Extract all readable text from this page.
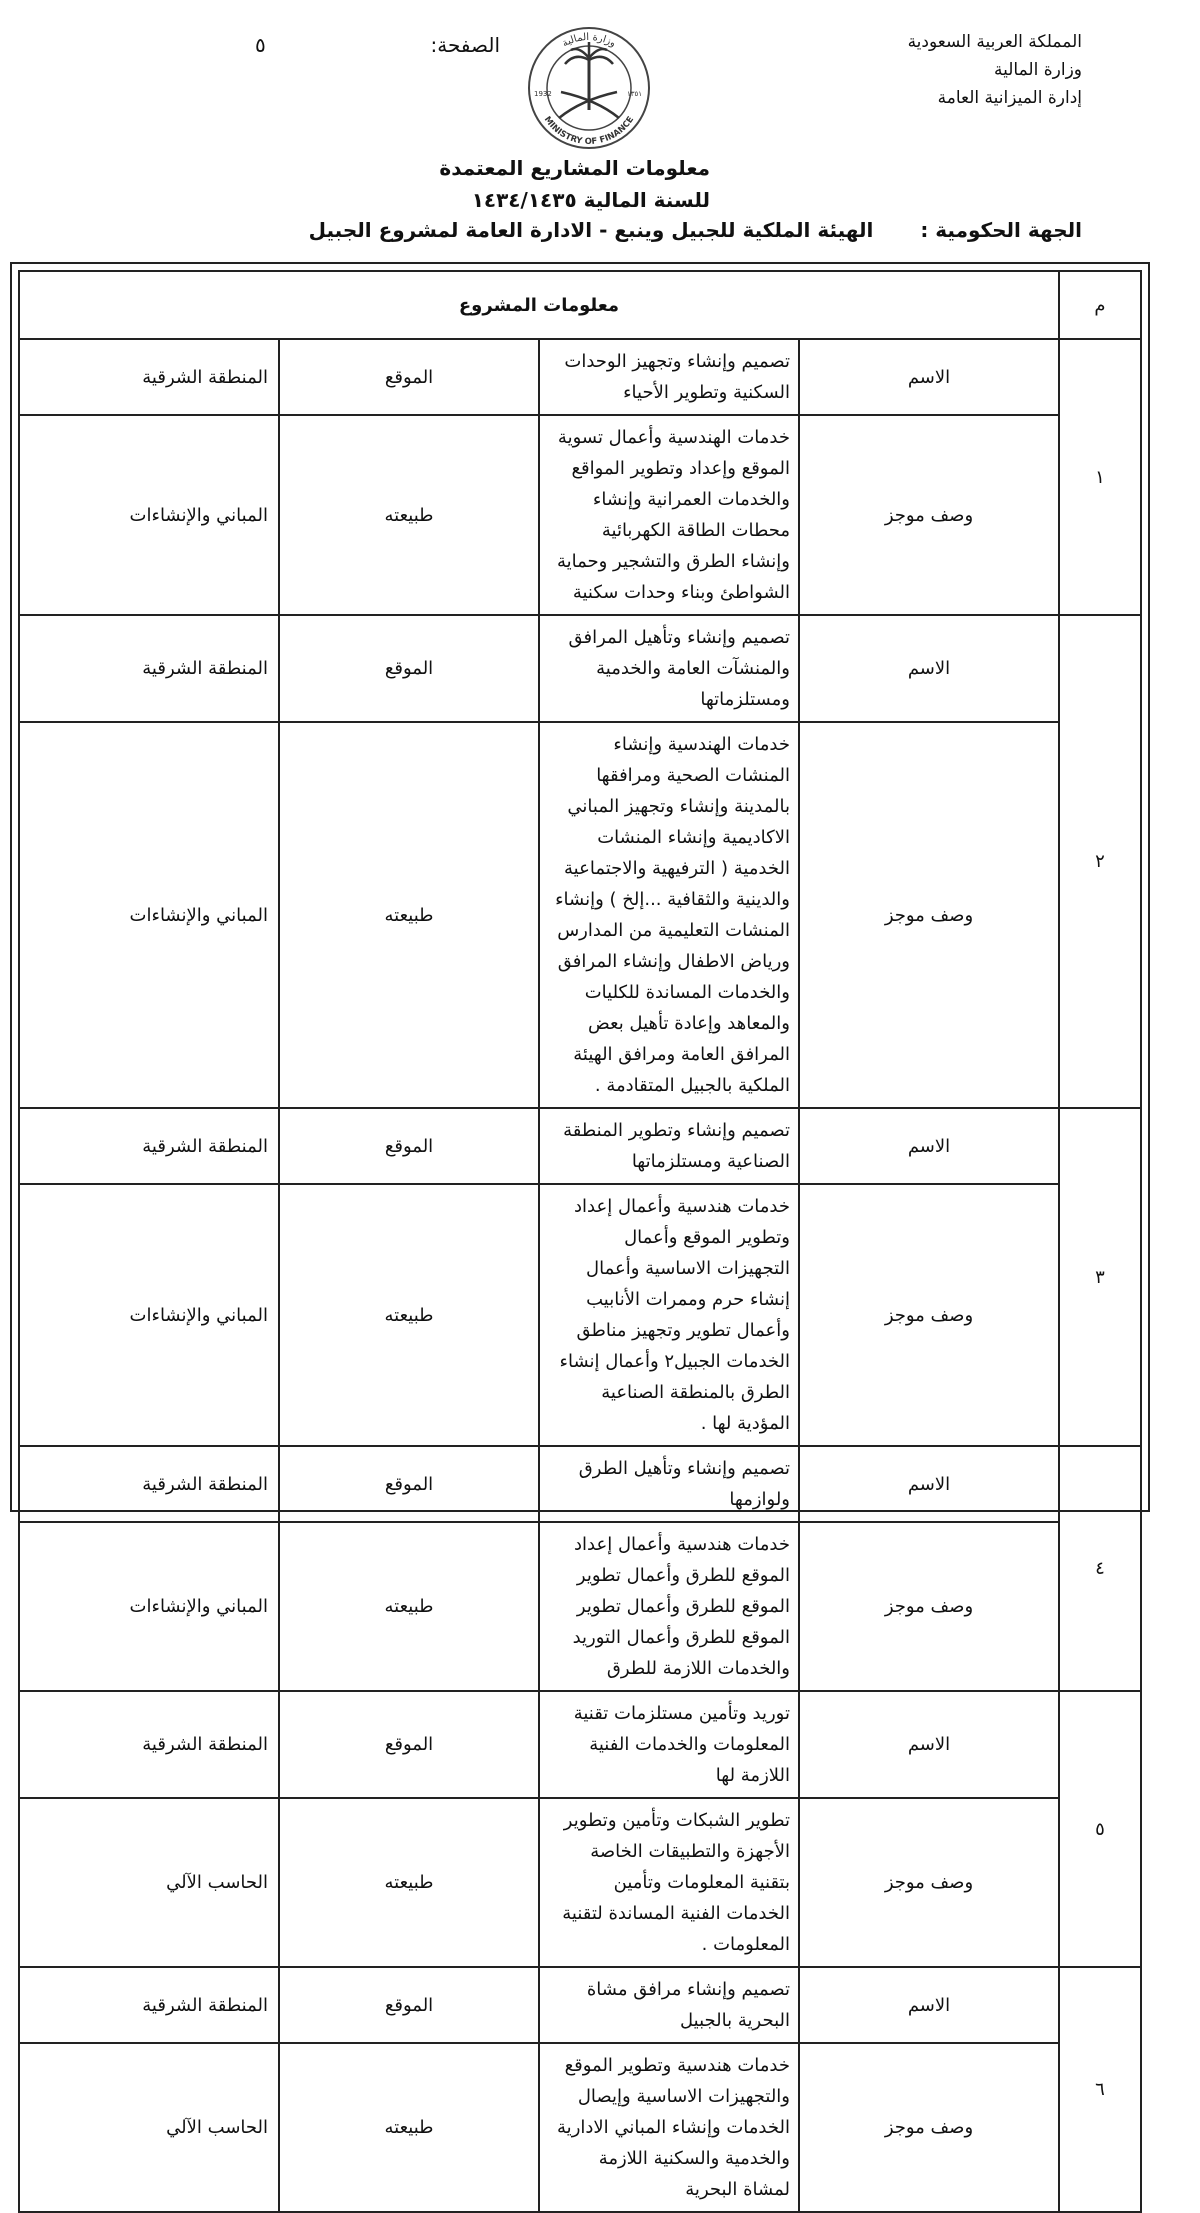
المملكة العربية السعودية
وزارة المالية
إدارة الميزانية العامة
الصفحة:
٥	وزارة المالية
MINISTRY OF FINANCE
1932	١٣٥١
معلومات المشاريع المعتمدة
للسنة المالية ١٤٣٤/١٤٣٥
الجهة الحكومية : الهيئة الملكية للجبيل وينبع - الادارة العامة لمشروع الجبيل
م	معلومات المشروع			
١	الاسم	تصميم وإنشاء وتجهيز الوحدات السكنية وتطوير الأحياء	الموقع	المنطقة الشرقية
	وصف موجز	خدمات الهندسية وأعمال تسوية الموقع وإعداد وتطوير المواقع والخدمات العمرانية وإنشاء محطات الطاقة الكهربائية وإنشاء الطرق والتشجير وحماية الشواطئ وبناء وحدات سكنية	طبيعته	المباني والإنشاءات
٢	الاسم	تصميم وإنشاء وتأهيل المرافق والمنشآت العامة والخدمية ومستلزماتها	الموقع	المنطقة الشرقية
	وصف موجز	خدمات الهندسية وإنشاء المنشات الصحية ومرافقها بالمدينة وإنشاء وتجهيز المباني الاكاديمية وإنشاء المنشات الخدمية ( الترفيهية والاجتماعية والدينية والثقافية ...إلخ ) وإنشاء المنشات التعليمية من المدارس ورياض الاطفال وإنشاء المرافق والخدمات المساندة للكليات والمعاهد وإعادة تأهيل بعض المرافق العامة ومرافق الهيئة الملكية بالجبيل المتقادمة .	طبيعته	المباني والإنشاءات
٣	الاسم	تصميم وإنشاء وتطوير المنطقة الصناعية ومستلزماتها	الموقع	المنطقة الشرقية
	وصف موجز	خدمات هندسية وأعمال إعداد وتطوير الموقع وأعمال التجهيزات الاساسية وأعمال إنشاء حرم وممرات الأنابيب وأعمال تطوير وتجهيز مناطق الخدمات الجبيل٢ وأعمال إنشاء الطرق بالمنطقة الصناعية المؤدية لها .	طبيعته	المباني والإنشاءات
٤	الاسم	تصميم وإنشاء وتأهيل الطرق ولوازمها	الموقع	المنطقة الشرقية
	وصف موجز	خدمات هندسية وأعمال إعداد الموقع للطرق وأعمال تطوير الموقع للطرق وأعمال تطوير الموقع للطرق وأعمال التوريد والخدمات اللازمة للطرق	طبيعته	المباني والإنشاءات
٥	الاسم	توريد وتأمين مستلزمات تقنية المعلومات والخدمات الفنية اللازمة لها	الموقع	المنطقة الشرقية
	وصف موجز	تطوير الشبكات وتأمين وتطوير الأجهزة والتطبيقات الخاصة بتقنية المعلومات وتأمين الخدمات الفنية المساندة لتقنية المعلومات .	طبيعته	الحاسب الآلي
٦	الاسم	تصميم وإنشاء مرافق مشاة البحرية بالجبيل	الموقع	المنطقة الشرقية
	وصف موجز	خدمات هندسية وتطوير الموقع والتجهيزات الاساسية وإيصال الخدمات وإنشاء المباني الادارية والخدمية والسكنية اللازمة لمشاة البحرية	طبيعته	الحاسب الآلي
